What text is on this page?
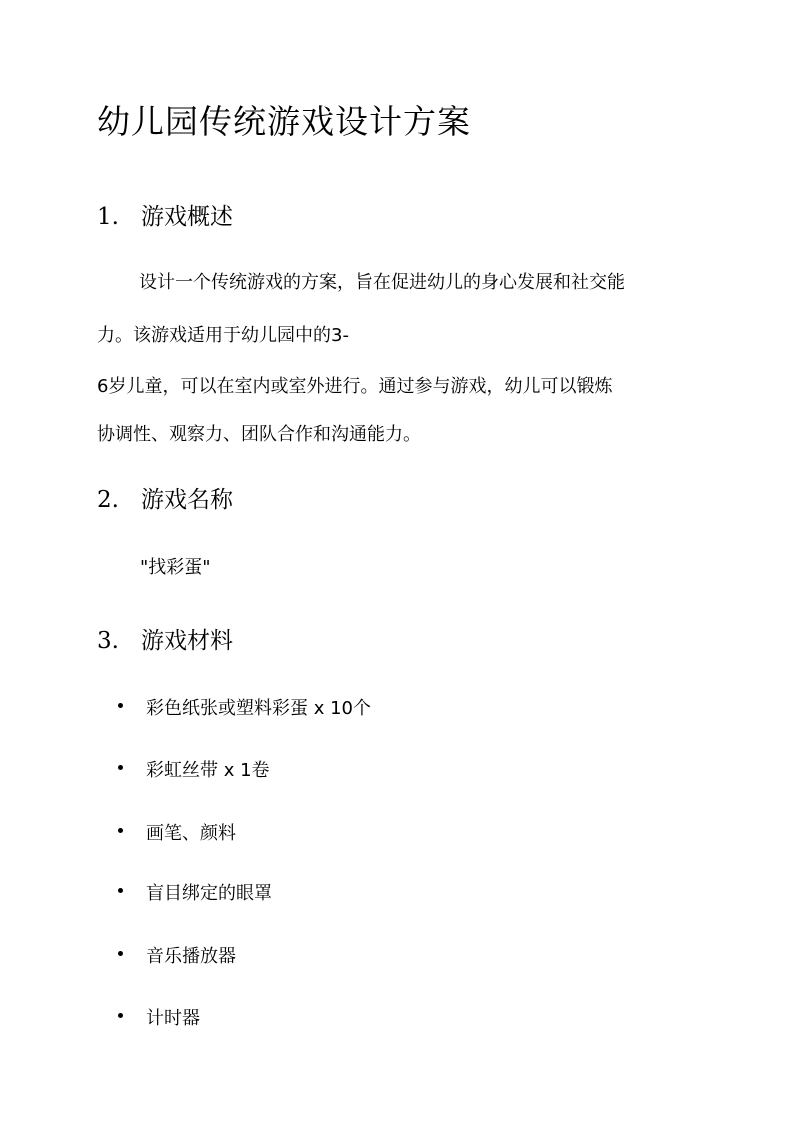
幼儿园传统游戏设计方案
1. 游戏概述
设计一个传统游戏的方案，旨在促进幼儿的身心发展和社交能
力。该游戏适用于幼儿园中的3-
6岁儿童，可以在室内或室外进行。通过参与游戏，幼儿可以锻炼
协调性、观察力、团队合作和沟通能力。
2. 游戏名称
"找彩蛋"
3. 游戏材料
彩色纸张或塑料彩蛋 x 10个
彩虹丝带 x 1卷
画笔、颜料
盲目绑定的眼罩
音乐播放器
计时器
